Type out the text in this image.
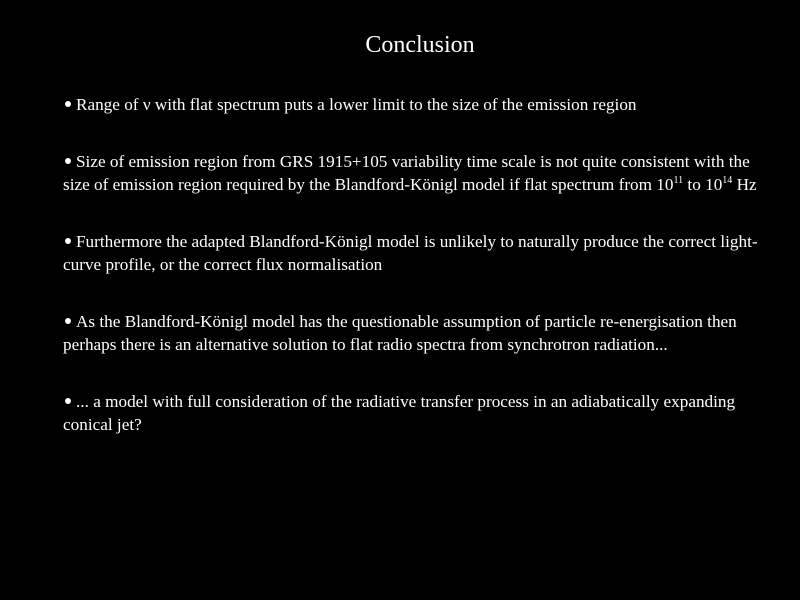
Conclusion
Range of ν with flat spectrum puts a lower limit to the size of the emission region
Size of emission region from GRS 1915+105 variability time scale is not quite consistent with the size of emission region required by the Blandford-Königl model if flat spectrum from $10^{11}$ to $10^{14}$ Hz
Furthermore the adapted Blandford-Königl model is unlikely to naturally produce the correct light-curve profile, or the correct flux normalisation
As the Blandford-Königl model has the questionable assumption of particle re-energisation then perhaps there is an alternative solution to flat radio spectra from synchrotron radiation...
... a model with full consideration of the radiative transfer process in an adiabatically expanding conical jet?
